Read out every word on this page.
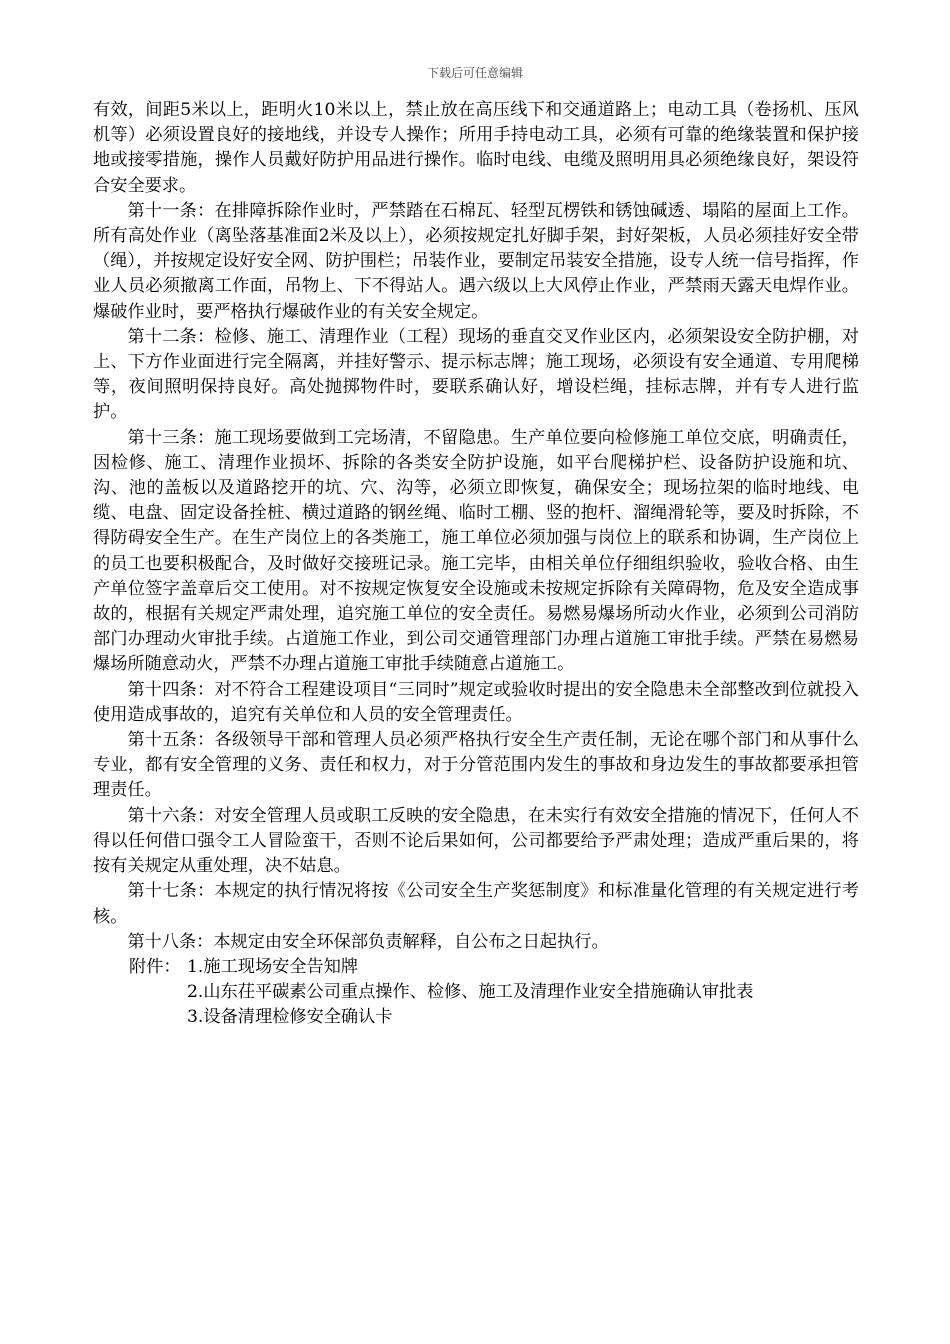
下载后可任意编辑

有效，间距5米以上，距明火10米以上，禁止放在高压线下和交通道路上；电动工具（卷扬机、压风机等）必须设置良好的接地线，并设专人操作；所用手持电动工具，必须有可靠的绝缘装置和保护接地或接零措施，操作人员戴好防护用品进行操作。临时电线、电缆及照明用具必须绝缘良好，架设符合安全要求。

第十一条：在排障拆除作业时，严禁踏在石棉瓦、轻型瓦楞铁和锈蚀碱透、塌陷的屋面上工作。所有高处作业（离坠落基准面2米及以上），必须按规定扎好脚手架，封好架板，人员必须挂好安全带（绳），并按规定设好安全网、防护围栏；吊装作业，要制定吊装安全措施，设专人统一信号指挥，作业人员必须撤离工作面，吊物上、下不得站人。遇六级以上大风停止作业，严禁雨天露天电焊作业。爆破作业时，要严格执行爆破作业的有关安全规定。

第十二条：检修、施工、清理作业（工程）现场的垂直交叉作业区内，必须架设安全防护棚，对上、下方作业面进行完全隔离，并挂好警示、提示标志牌；施工现场，必须设有安全通道、专用爬梯等，夜间照明保持良好。高处抛掷物件时，要联系确认好，增设栏绳，挂标志牌，并有专人进行监护。

第十三条：施工现场要做到工完场清，不留隐患。生产单位要向检修施工单位交底，明确责任，因检修、施工、清理作业损坏、拆除的各类安全防护设施，如平台爬梯护栏、设备防护设施和坑、沟、池的盖板以及道路挖开的坑、穴、沟等，必须立即恢复，确保安全；现场拉架的临时地线、电缆、电盘、固定设备拴桩、横过道路的钢丝绳、临时工棚、竖的抱杆、溜绳滑轮等，要及时拆除，不得防碍安全生产。在生产岗位上的各类施工，施工单位必须加强与岗位上的联系和协调，生产岗位上的员工也要积极配合，及时做好交接班记录。施工完毕，由相关单位仔细组织验收，验收合格、由生产单位签字盖章后交工使用。对不按规定恢复安全设施或未按规定拆除有关障碍物，危及安全造成事故的，根据有关规定严肃处理，追究施工单位的安全责任。易燃易爆场所动火作业，必须到公司消防部门办理动火审批手续。占道施工作业，到公司交通管理部门办理占道施工审批手续。严禁在易燃易爆场所随意动火，严禁不办理占道施工审批手续随意占道施工。

第十四条：对不符合工程建设项目“三同时”规定或验收时提出的安全隐患未全部整改到位就投入使用造成事故的，追究有关单位和人员的安全管理责任。

第十五条：各级领导干部和管理人员必须严格执行安全生产责任制，无论在哪个部门和从事什么专业，都有安全管理的义务、责任和权力，对于分管范围内发生的事故和身边发生的事故都要承担管理责任。

第十六条：对安全管理人员或职工反映的安全隐患，在未实行有效安全措施的情况下，任何人不得以任何借口强令工人冒险蛮干，否则不论后果如何，公司都要给予严肃处理；造成严重后果的，将按有关规定从重处理，决不姑息。

第十七条：本规定的执行情况将按《公司安全生产奖惩制度》和标准量化管理的有关规定进行考核。

第十八条：本规定由安全环保部负责解释，自公布之日起执行。

附件： 1.施工现场安全告知牌
2.山东茌平碳素公司重点操作、检修、施工及清理作业安全措施确认审批表
3.设备清理检修安全确认卡
